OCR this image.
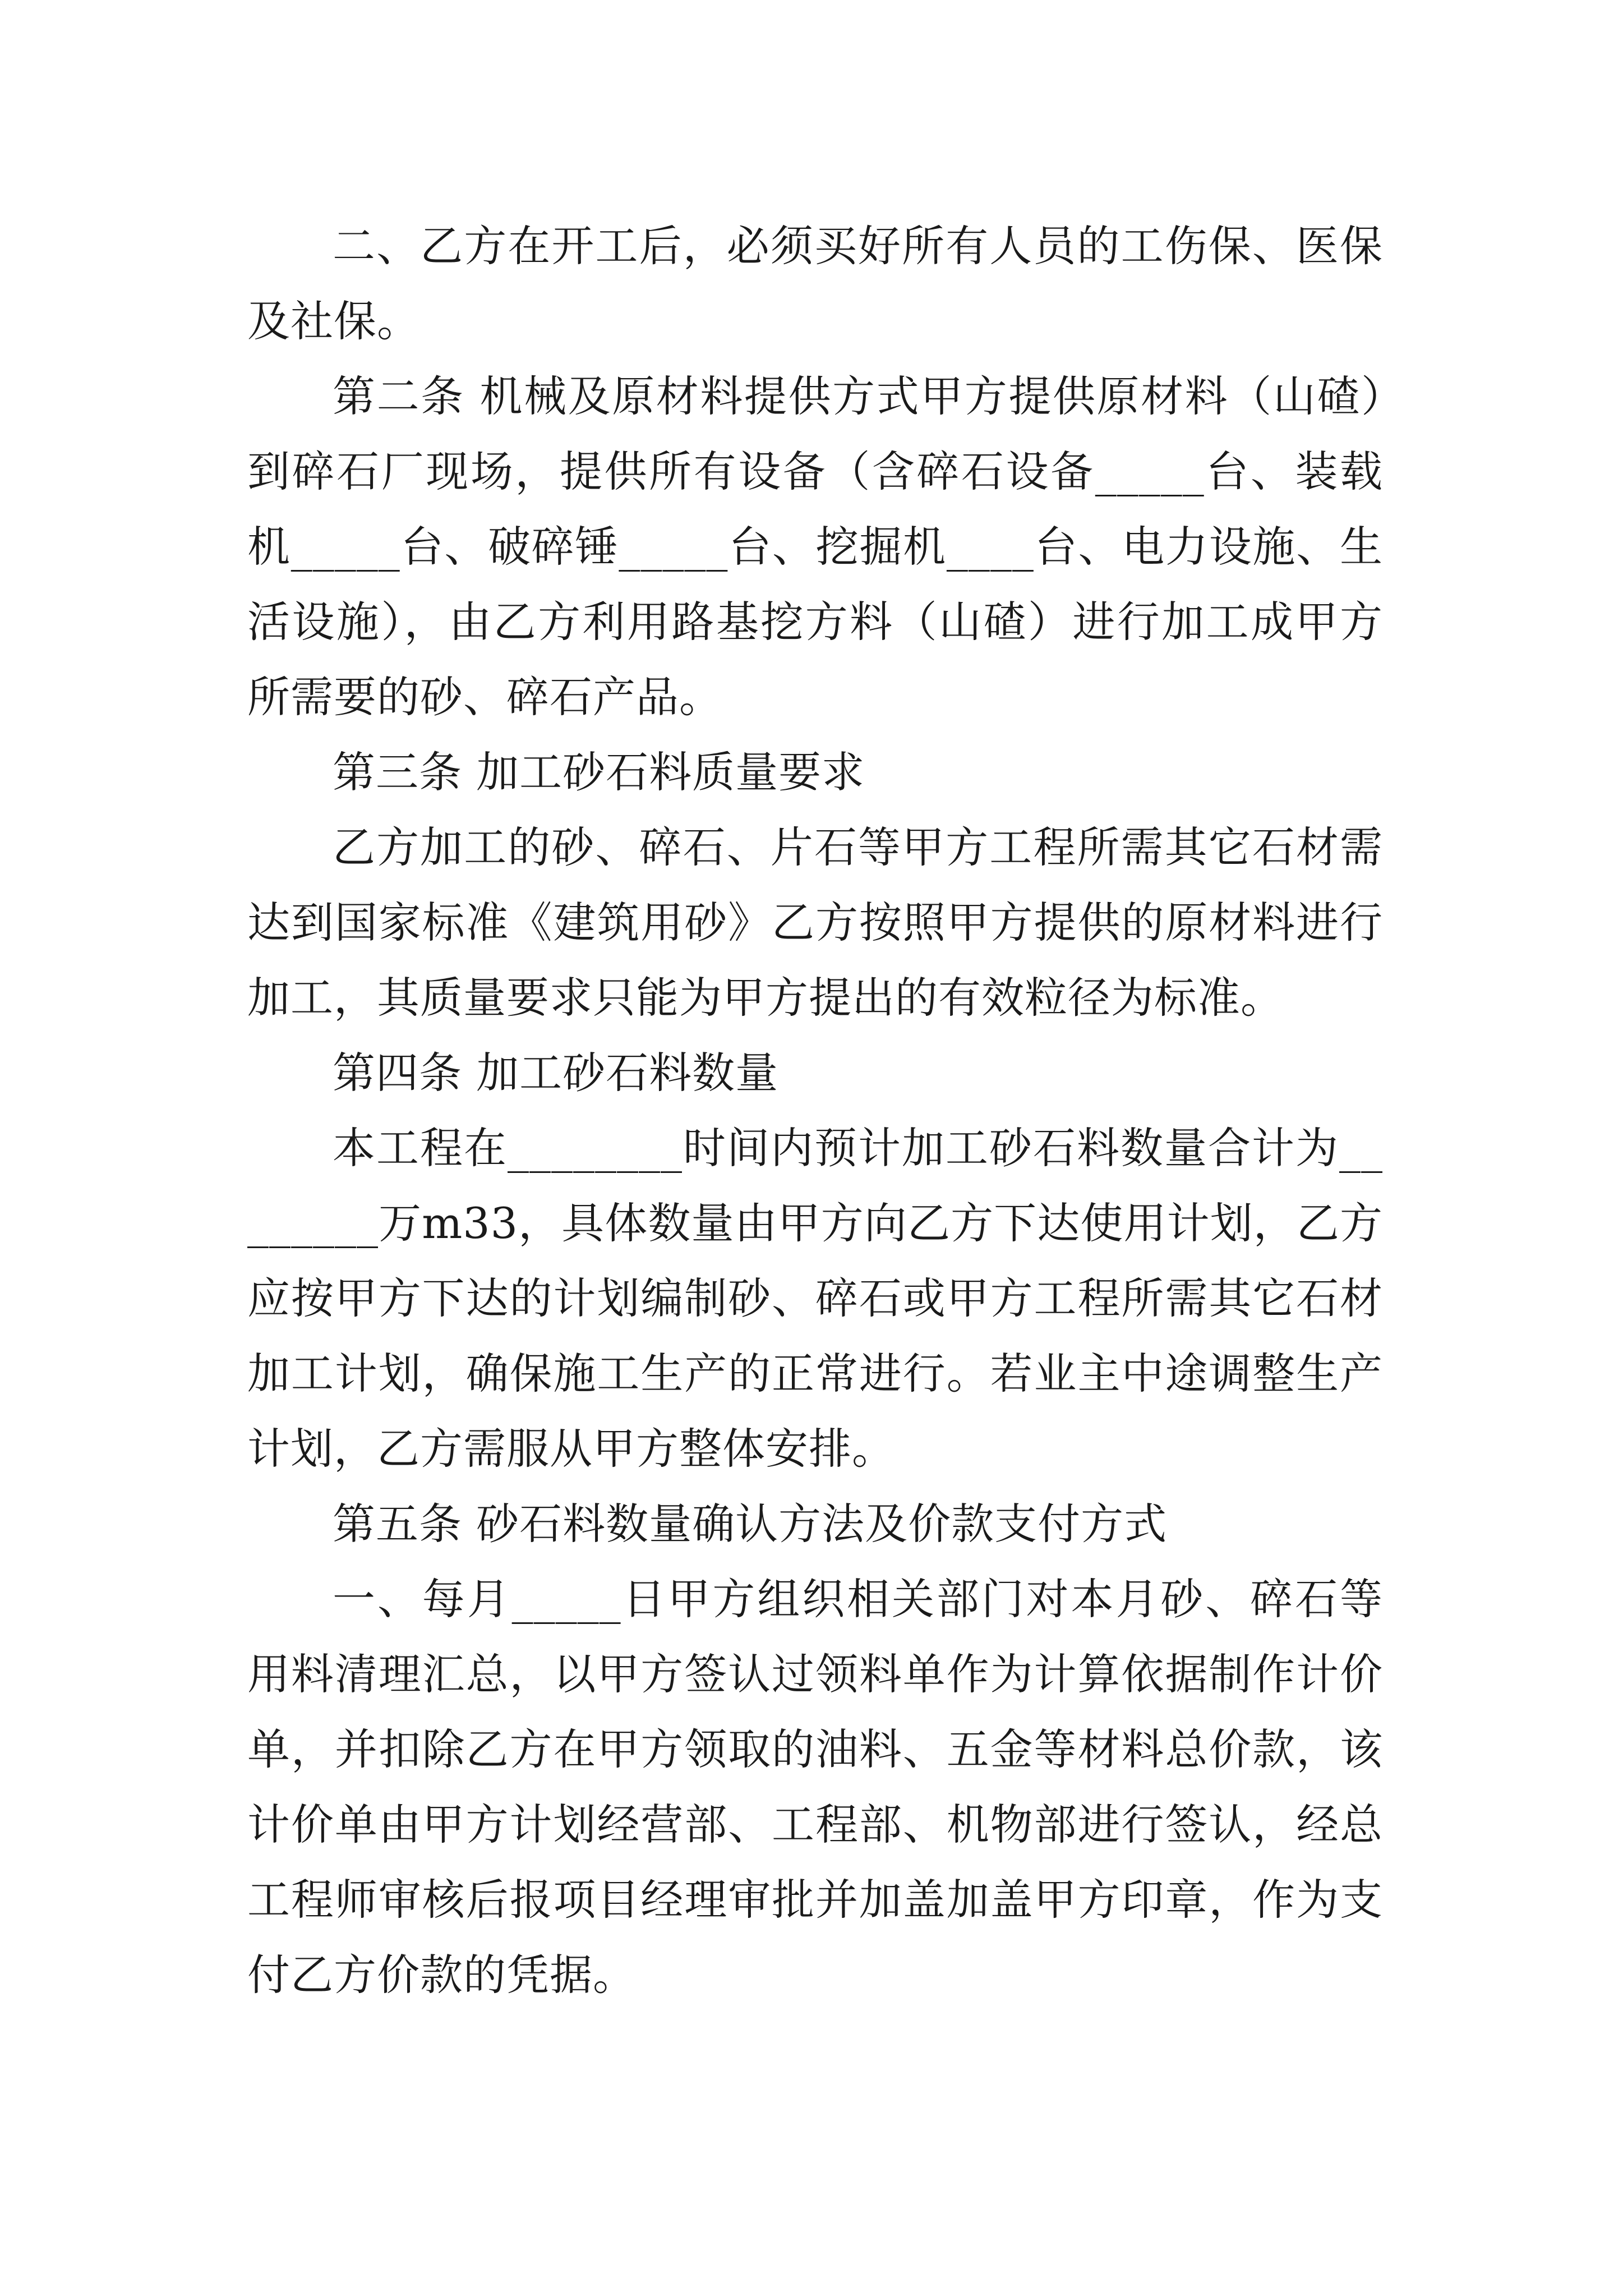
二、乙方在开工后，必须买好所有人员的工伤保、医保及社保。

第二条 机械及原材料提供方式甲方提供原材料（山碴）到碎石厂现场，提供所有设备（含碎石设备_____台、装载机_____台、破碎锤_____台、挖掘机____台、电力设施、生活设施），由乙方利用路基挖方料（山碴）进行加工成甲方所需要的砂、碎石产品。

第三条 加工砂石料质量要求

乙方加工的砂、碎石、片石等甲方工程所需其它石材需达到国家标准《建筑用砂》乙方按照甲方提供的原材料进行加工，其质量要求只能为甲方提出的有效粒径为标准。

第四条 加工砂石料数量

本工程在________时间内预计加工砂石料数量合计为________万m33，具体数量由甲方向乙方下达使用计划，乙方应按甲方下达的计划编制砂、碎石或甲方工程所需其它石材加工计划，确保施工生产的正常进行。若业主中途调整生产计划，乙方需服从甲方整体安排。

第五条 砂石料数量确认方法及价款支付方式

一、每月_____日甲方组织相关部门对本月砂、碎石等用料清理汇总，以甲方签认过领料单作为计算依据制作计价单，并扣除乙方在甲方领取的油料、五金等材料总价款，该计价单由甲方计划经营部、工程部、机物部进行签认，经总工程师审核后报项目经理审批并加盖加盖甲方印章，作为支付乙方价款的凭据。
